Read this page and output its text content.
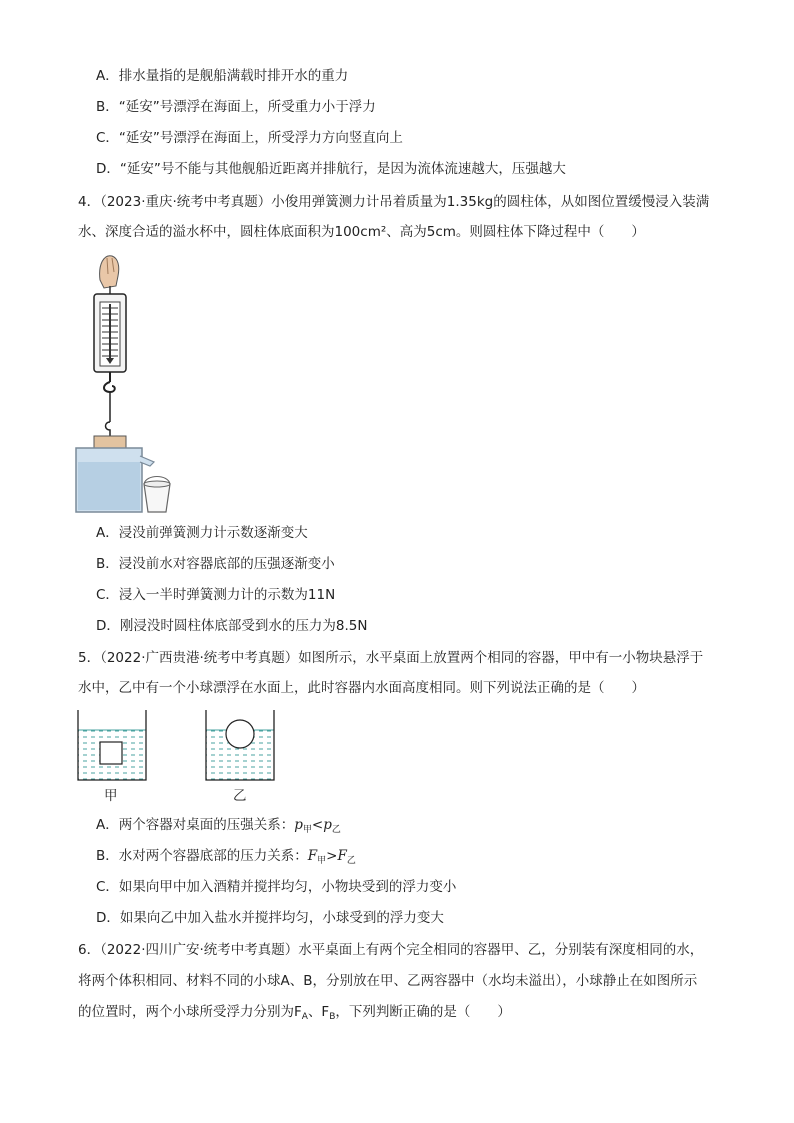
A．排水量指的是舰船满载时排开水的重力
B．“延安”号漂浮在海面上，所受重力小于浮力
C．“延安”号漂浮在海面上，所受浮力方向竖直向上
D．“延安”号不能与其他舰船近距离并排航行，是因为流体流速越大，压强越大
4．（2023·重庆·统考中考真题）小俊用弹簧测力计吊着质量为1.35kg的圆柱体，从如图位置缓慢浸入装满
水、深度合适的溢水杯中，圆柱体底面积为100cm²、高为5cm。则圆柱体下降过程中（　　）
A．浸没前弹簧测力计示数逐渐变大
B．浸没前水对容器底部的压强逐渐变小
C．浸入一半时弹簧测力计的示数为11N
D．刚浸没时圆柱体底部受到水的压力为8.5N
5．（2022·广西贵港·统考中考真题）如图所示，水平桌面上放置两个相同的容器，甲中有一小物块悬浮于
水中，乙中有一个小球漂浮在水面上，此时容器内水面高度相同。则下列说法正确的是（　　）
甲	乙
A．两个容器对桌面的压强关系：$p_甲<p_乙$
B．水对两个容器底部的压力关系：$F_甲>F_乙$
C．如果向甲中加入酒精并搅拌均匀，小物块受到的浮力变小
D．如果向乙中加入盐水并搅拌均匀，小球受到的浮力变大
6．（2022·四川广安·统考中考真题）水平桌面上有两个完全相同的容器甲、乙，分别装有深度相同的水，
将两个体积相同、材料不同的小球A、B，分别放在甲、乙两容器中（水均未溢出），小球静止在如图所示
的位置时，两个小球所受浮力分别为$F_A$、$F_B$，下列判断正确的是（　　）
